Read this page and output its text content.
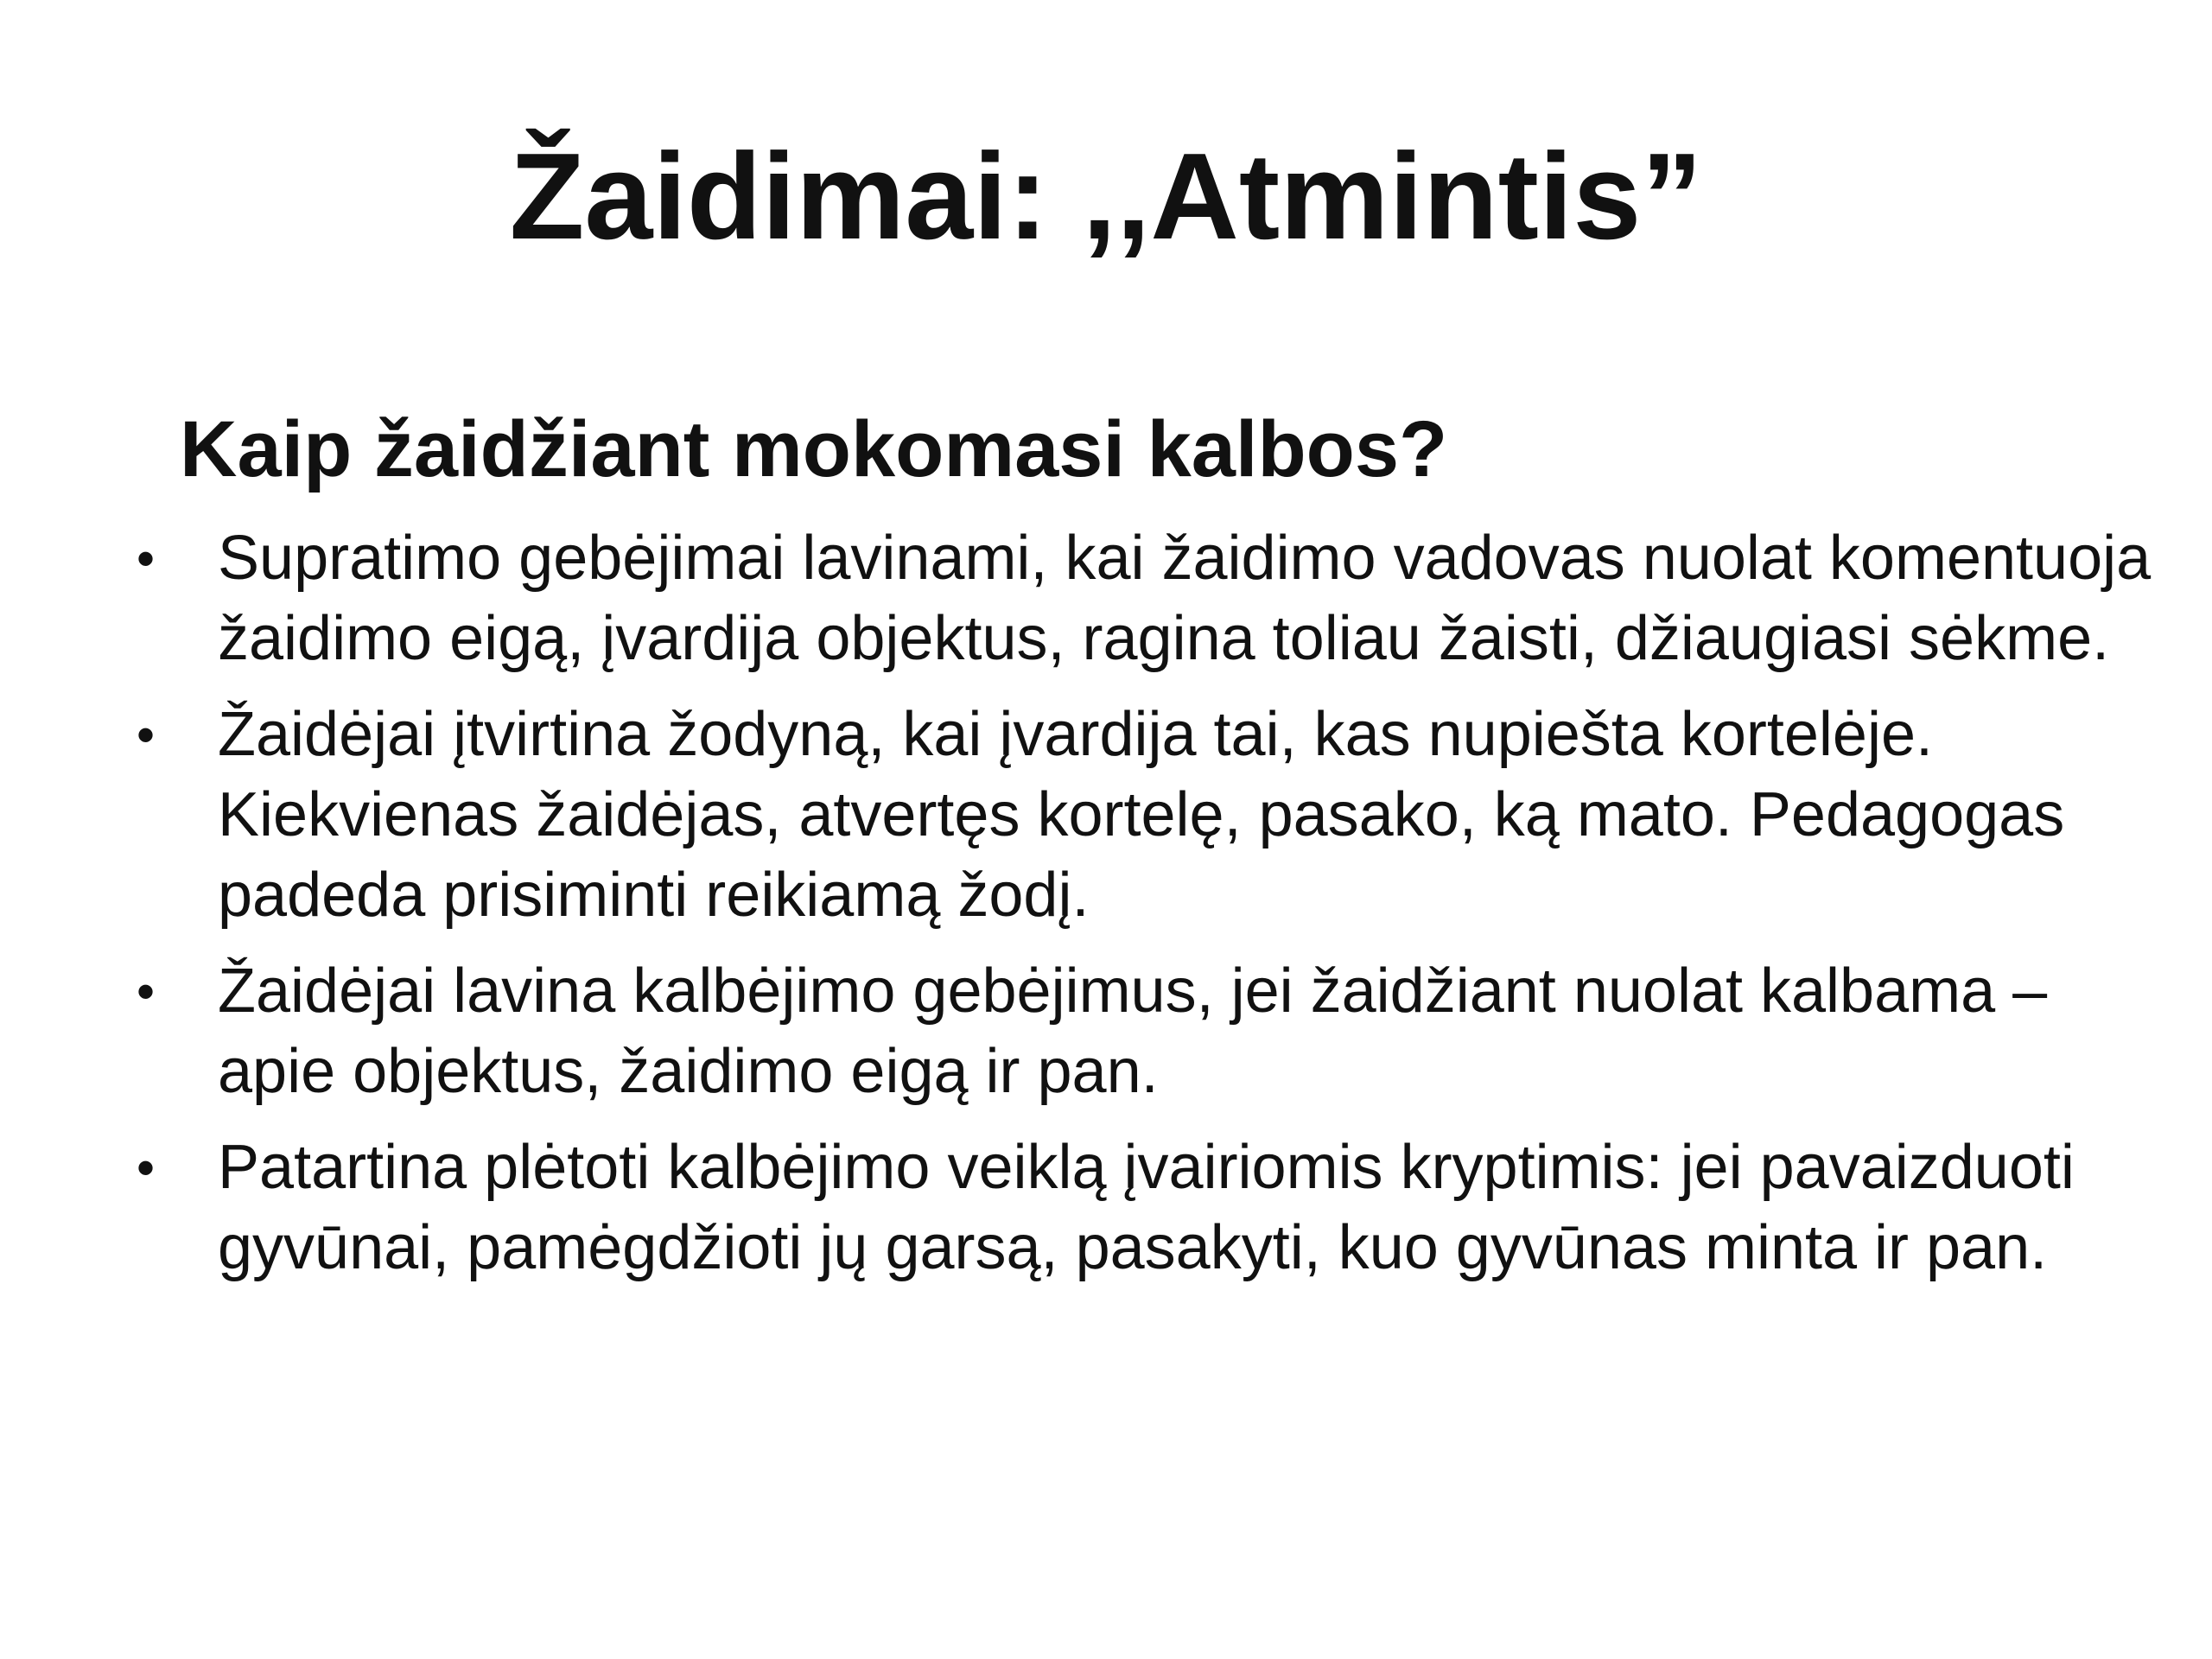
Žaidimai: ,,Atmintis”
Kaip žaidžiant mokomasi kalbos?
• Supratimo gebėjimai lavinami, kai žaidimo vadovas nuolat komentuoja žaidimo eigą, įvardija objektus, ragina toliau žaisti, džiaugiasi sėkme.
• Žaidėjai įtvirtina žodyną, kai įvardija tai, kas nupiešta kortelėje. Kiekvienas žaidėjas, atvertęs kortelę, pasako, ką mato. Pedagogas padeda prisiminti reikiamą žodį.
• Žaidėjai lavina kalbėjimo gebėjimus, jei žaidžiant nuolat kalbama – apie objektus, žaidimo eigą ir pan.
• Patartina plėtoti kalbėjimo veiklą įvairiomis kryptimis: jei pavaizduoti gyvūnai, pamėgdžioti jų garsą, pasakyti, kuo gyvūnas minta ir pan.
